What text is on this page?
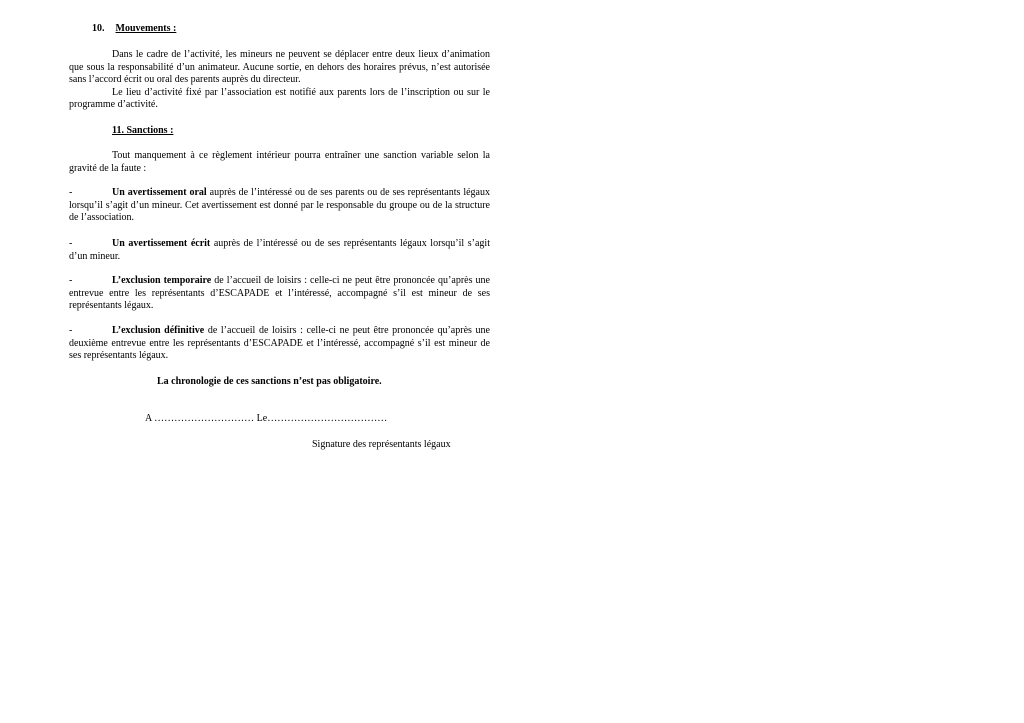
10. Mouvements :

Dans le cadre de l’activité, les mineurs ne peuvent se déplacer entre deux lieux d’animation que sous la responsabilité d’un animateur. Aucune sortie, en dehors des horaires prévus, n’est autorisée sans l’accord écrit ou oral des parents auprès du directeur.

Le lieu d’activité fixé par l’association est notifié aux parents lors de l’inscription ou sur le programme d’activité.

11. Sanctions :

Tout manquement à ce règlement intérieur pourra entraîner une sanction variable selon la gravité de la faute :

-	Un avertissement oral auprès de l’intéressé ou de ses parents ou de ses représentants légaux lorsqu’il s’agit d’un mineur. Cet avertissement est donné par le responsable du groupe ou de la structure de l’association.

-	Un avertissement écrit auprès de l’intéressé ou de ses représentants légaux lorsqu’il s’agit d’un mineur.

-	L’exclusion temporaire de l’accueil de loisirs : celle-ci ne peut être prononcée qu’après une entrevue entre les représentants d’ESCAPADE et l’intéressé, accompagné s’il est mineur de ses représentants légaux.

-	L’exclusion définitive de l’accueil de loisirs : celle-ci ne peut être prononcée qu’après une deuxième entrevue entre les représentants d’ESCAPADE et l’intéressé, accompagné s’il est mineur de ses représentants légaux.

La chronologie de ces sanctions n’est pas obligatoire.
A ………………………… Le………………………………
Signature des représentants légaux
